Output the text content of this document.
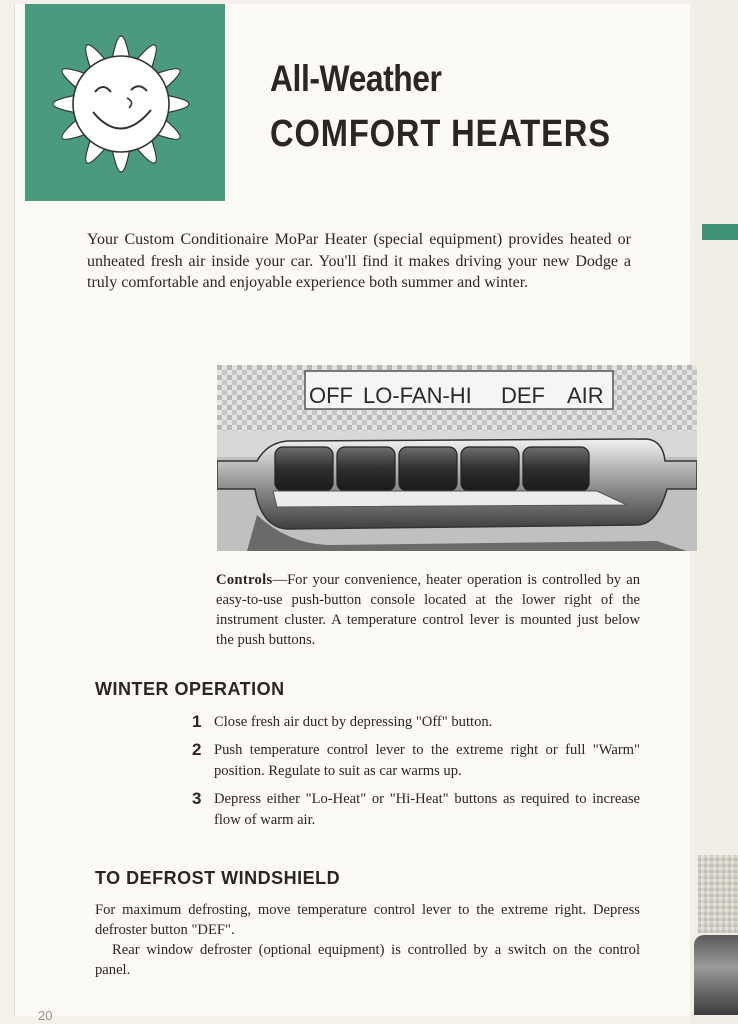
All-Weather
COMFORT HEATERS
Your Custom Conditionaire MoPar Heater (special equipment) provides heated or unheated fresh air inside your car. You'll find it makes driving your new Dodge a truly comfortable and enjoyable experience both summer and winter.
OFF LO-FAN-HI DEF AIR
Controls—For your convenience, heater operation is controlled by an easy-to-use push-button console located at the lower right of the instrument cluster. A temperature control lever is mounted just below the push buttons.
WINTER OPERATION
1 Close fresh air duct by depressing "Off" button.
2 Push temperature control lever to the extreme right or full "Warm" position. Regulate to suit as car warms up.
3 Depress either "Lo-Heat" or "Hi-Heat" buttons as required to increase flow of warm air.
TO DEFROST WINDSHIELD

For maximum defrosting, move temperature control lever to the extreme right. Depress defroster button "DEF".

Rear window defroster (optional equipment) is controlled by a switch on the control panel.

20
